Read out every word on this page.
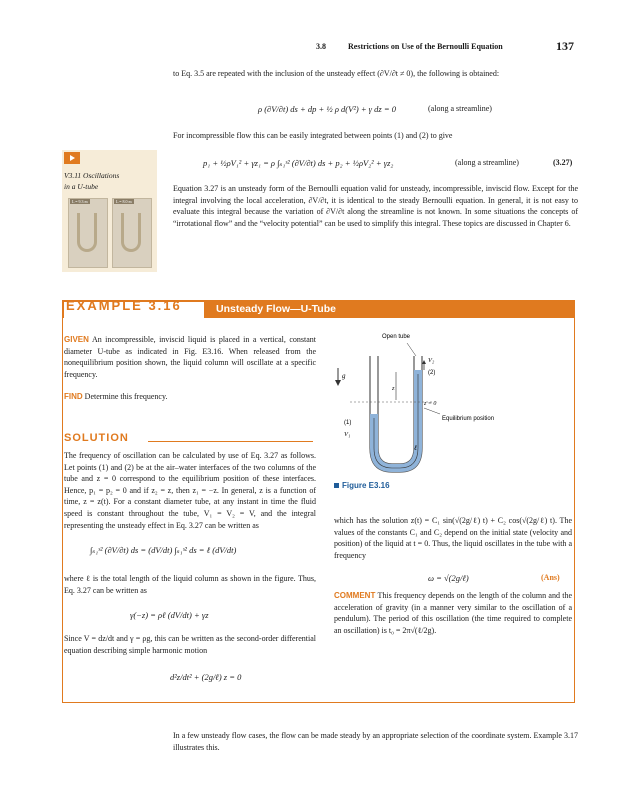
3.8	Restrictions on Use of the Bernoulli Equation	137
to Eq. 3.5 are repeated with the inclusion of the unsteady effect (∂V/∂t ≠ 0), the following is obtained:
ρ (∂V/∂t) ds + dp + ½ ρ d(V²) + γ dz = 0	(along a streamline)
For incompressible flow this can be easily integrated between points (1) and (2) to give
p₁ + ½ρV₁² + γz₁ = ρ ∫ₛ₁ˢ² (∂V/∂t) ds + p₂ + ½ρV₂² + γz₂	(along a streamline)	(3.27)
Equation 3.27 is an unsteady form of the Bernoulli equation valid for unsteady, incompressible, inviscid flow. Except for the integral involving the local acceleration, ∂V/∂t, it is identical to the steady Bernoulli equation. In general, it is not easy to evaluate this integral because the variation of ∂V/∂t along the streamline is not known. In some situations the concepts of “irrotational flow” and the “velocity potential” can be used to simplify this integral. These topics are discussed in Chapter 6.
V3.11 Oscillations
in a U-tube
L = 9.3 m	L = 8.0 m
EXAMPLE 3.16	Unsteady Flow—U-Tube
GIVEN An incompressible, inviscid liquid is placed in a vertical, constant diameter U-tube as indicated in Fig. E3.16. When released from the nonequilibrium position shown, the liquid column will oscillate at a specific frequency.
FIND Determine this frequency.
SOLUTION
The frequency of oscillation can be calculated by use of Eq. 3.27 as follows. Let points (1) and (2) be at the air–water interfaces of the two columns of the tube and z = 0 correspond to the equilibrium position of these interfaces. Hence, p₁ = p₂ = 0 and if z₂ = z, then z₁ = −z. In general, z is a function of time, z = z(t). For a constant diameter tube, at any instant in time the fluid speed is constant throughout the tube, V₁ = V₂ = V, and the integral representing the unsteady effect in Eq. 3.27 can be written as
∫ₛ₁ˢ² (∂V/∂t) ds = (dV/dt) ∫ₛ₁ˢ² ds = ℓ (dV/dt)
where ℓ is the total length of the liquid column as shown in the figure. Thus, Eq. 3.27 can be written as
γ(−z) = ρℓ (dV/dt) + γz
Since V = dz/dt and γ = ρg, this can be written as the second-order differential equation describing simple harmonic motion
d²z/dt² + (2g/ℓ) z = 0
Open tube
V₂
(2)
g
z
z = 0
Equilibrium position
(1)
V₁
ℓ
Figure E3.16
which has the solution z(t) = C₁ sin(√(2g/ℓ) t) + C₂ cos(√(2g/ℓ) t). The values of the constants C₁ and C₂ depend on the initial state (velocity and position) of the liquid at t = 0. Thus, the liquid oscillates in the tube with a frequency
ω = √(2g/ℓ)	(Ans)
COMMENT This frequency depends on the length of the column and the acceleration of gravity (in a manner very similar to the oscillation of a pendulum). The period of this oscillation (the time required to complete an oscillation) is t₀ = 2π√(ℓ/2g).
In a few unsteady flow cases, the flow can be made steady by an appropriate selection of the coordinate system. Example 3.17 illustrates this.
